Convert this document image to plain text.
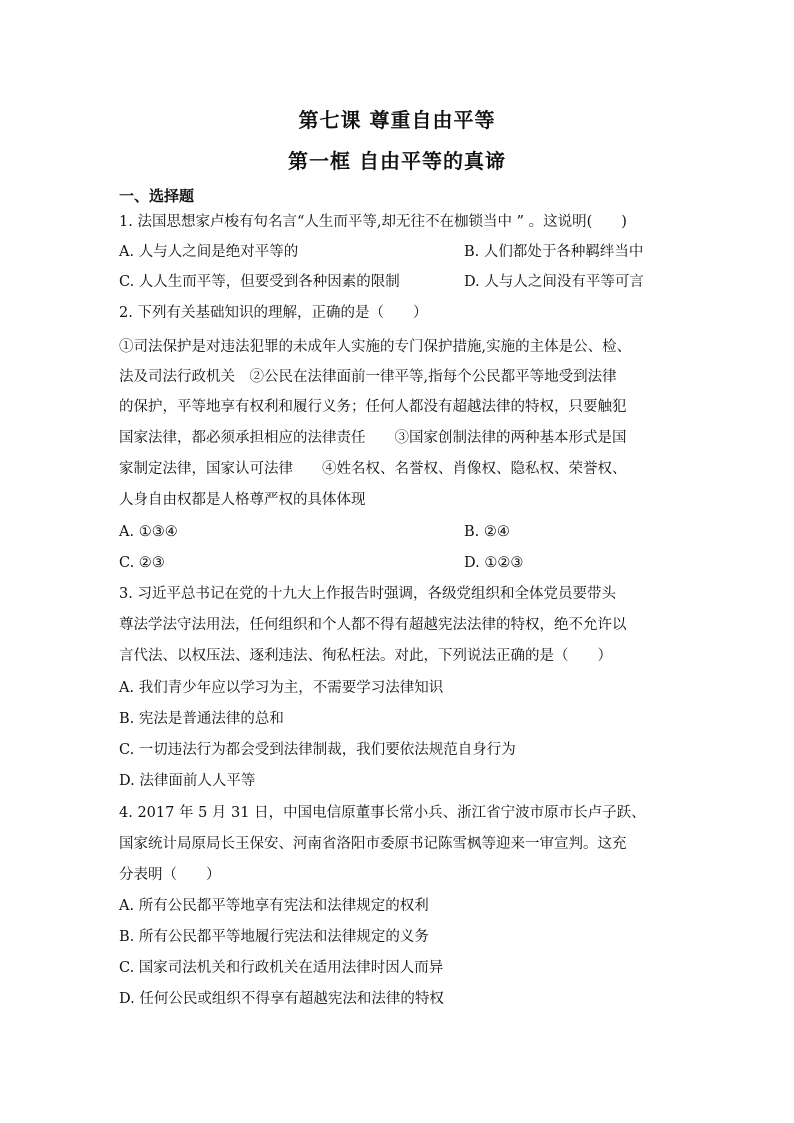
第七课 尊重自由平等
第一框 自由平等的真谛
一、选择题
1. 法国思想家卢梭有句名言“人生而平等,却无往不在枷锁当中 ” 。这说明(　　)
A. 人与人之间是绝对平等的	B. 人们都处于各种羁绊当中
C. 人人生而平等，但要受到各种因素的限制	D. 人与人之间没有平等可言
2. 下列有关基础知识的理解，正确的是（　　）
①司法保护是对违法犯罪的未成年人实施的专门保护措施,实施的主体是公、检、
法及司法行政机关　②公民在法律面前一律平等,指每个公民都平等地受到法律
的保护，平等地享有权利和履行义务；任何人都没有超越法律的特权，只要触犯
国家法律，都必须承担相应的法律责任　　③国家创制法律的两种基本形式是国
家制定法律，国家认可法律　　④姓名权、名誉权、肖像权、隐私权、荣誉权、
人身自由权都是人格尊严权的具体体现
A. ①③④	B. ②④
C. ②③	D. ①②③
3. 习近平总书记在党的十九大上作报告时强调，各级党组织和全体党员要带头
尊法学法守法用法，任何组织和个人都不得有超越宪法法律的特权，绝不允许以
言代法、以权压法、逐利违法、徇私枉法。对此，下列说法正确的是（　　）
A. 我们青少年应以学习为主，不需要学习法律知识
B. 宪法是普通法律的总和
C. 一切违法行为都会受到法律制裁，我们要依法规范自身行为
D. 法律面前人人平等
4. 2017 年 5 月 31 日，中国电信原董事长常小兵、浙江省宁波市原市长卢子跃、
国家统计局原局长王保安、河南省洛阳市委原书记陈雪枫等迎来一审宣判。这充
分表明（　　）
A. 所有公民都平等地享有宪法和法律规定的权利
B. 所有公民都平等地履行宪法和法律规定的义务
C. 国家司法机关和行政机关在适用法律时因人而异
D. 任何公民或组织不得享有超越宪法和法律的特权
